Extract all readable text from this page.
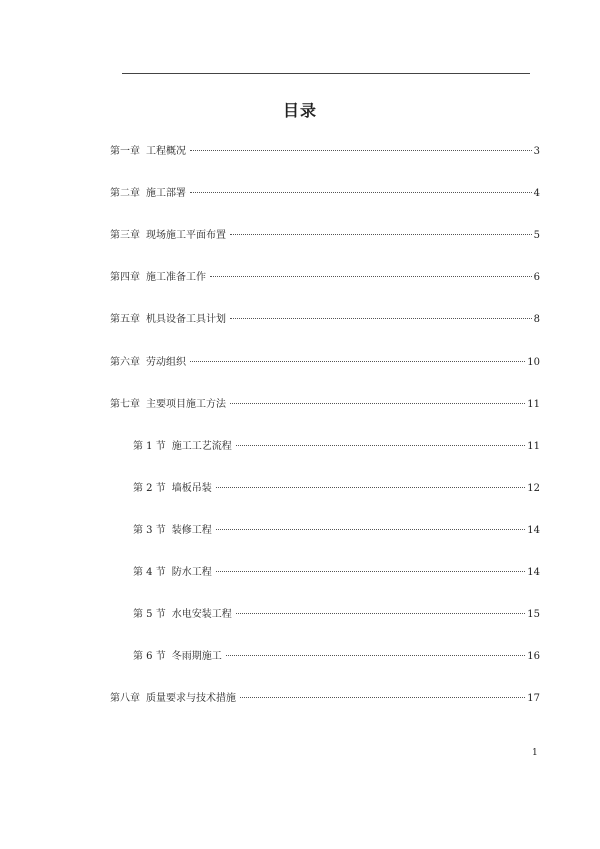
目录
第一章 工程概况	3
第二章 施工部署	4
第三章 现场施工平面布置	5
第四章 施工准备工作	6
第五章 机具设备工具计划	8
第六章 劳动组织	10
第七章 主要项目施工方法	11
第 1 节 施工工艺流程	11
第 2 节 墙板吊装	12
第 3 节 装修工程	14
第 4 节 防水工程	14
第 5 节 水电安装工程	15
第 6 节 冬雨期施工	16
第八章 质量要求与技术措施	17
1
